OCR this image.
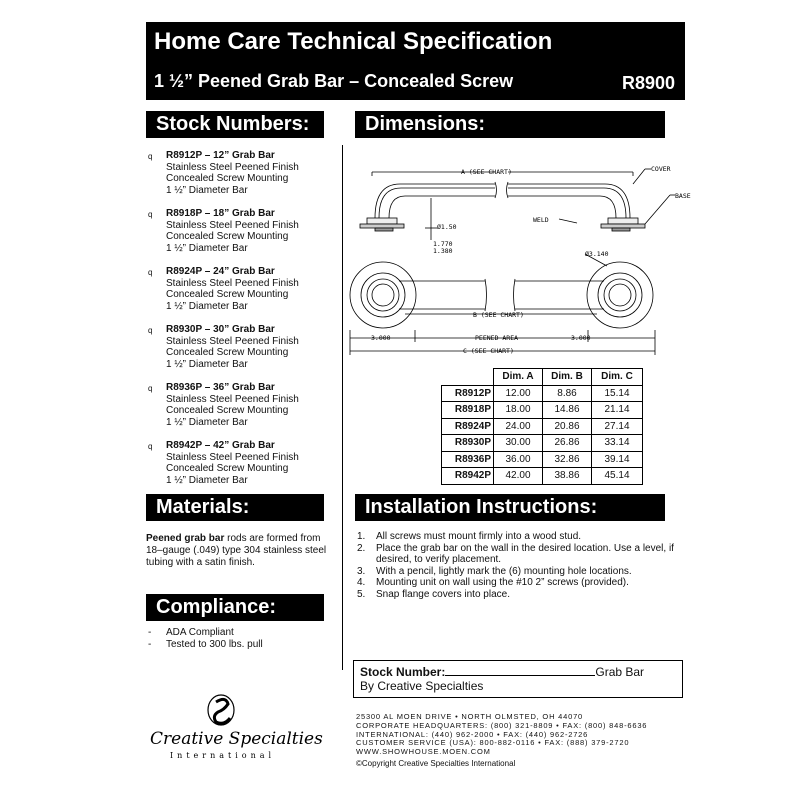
Home Care Technical Specification
1 ½” Peened Grab Bar – Concealed Screw	R8900
Stock Numbers:	Dimensions:
Materials:	Installation Instructions:
Compliance:
q R8912P – 12” Grab Bar
Stainless Steel Peened Finish
Concealed Screw Mounting
1 ½” Diameter Bar
q R8918P – 18” Grab Bar
Stainless Steel Peened Finish
Concealed Screw Mounting
1 ½” Diameter Bar
q R8924P – 24” Grab Bar
Stainless Steel Peened Finish
Concealed Screw Mounting
1 ½” Diameter Bar
q R8930P – 30” Grab Bar
Stainless Steel Peened Finish
Concealed Screw Mounting
1 ½” Diameter Bar
q R8936P – 36” Grab Bar
Stainless Steel Peened Finish
Concealed Screw Mounting
1 ½” Diameter Bar
q R8942P – 42” Grab Bar
Stainless Steel Peened Finish
Concealed Screw Mounting
1 ½” Diameter Bar
A (SEE CHART)	COVER
BASE
WELD
Ø1.50
1.770
1.380	Ø3.140
B (SEE CHART)
3.000	PEENED AREA	3.000
C (SEE CHART)
	Dim. A	Dim. B	Dim. C
R8912P	12.00	8.86	15.14
R8918P	18.00	14.86	21.14
R8924P	24.00	20.86	27.14
R8930P	30.00	26.86	33.14
R8936P	36.00	32.86	39.14
R8942P	42.00	38.86	45.14
Peened grab bar rods are formed from 18–gauge (.049) type 304 stainless steel tubing with a satin finish.
- ADA Compliant
- Tested to 300 lbs. pull
1. All screws must mount firmly into a wood stud.
2. Place the grab bar on the wall in the desired location. Use a level, if desired, to verify placement.
3. With a pencil, lightly mark the (6) mounting hole locations.
4. Mounting unit on wall using the #10 2” screws (provided).
5. Snap flange covers into place.
Stock Number:	Grab Bar
By Creative Specialties
25300 AL MOEN DRIVE • NORTH OLMSTED, OH 44070
CORPORATE HEADQUARTERS: (800) 321-8809 • FAX: (800) 848-6636
INTERNATIONAL: (440) 962-2000 • FAX: (440) 962-2726
CUSTOMER SERVICE (USA): 800-882-0116 • FAX: (888) 379-2720
WWW.SHOWHOUSE.MOEN.COM
©Copyright Creative Specialties International
Creative Specialties
International
